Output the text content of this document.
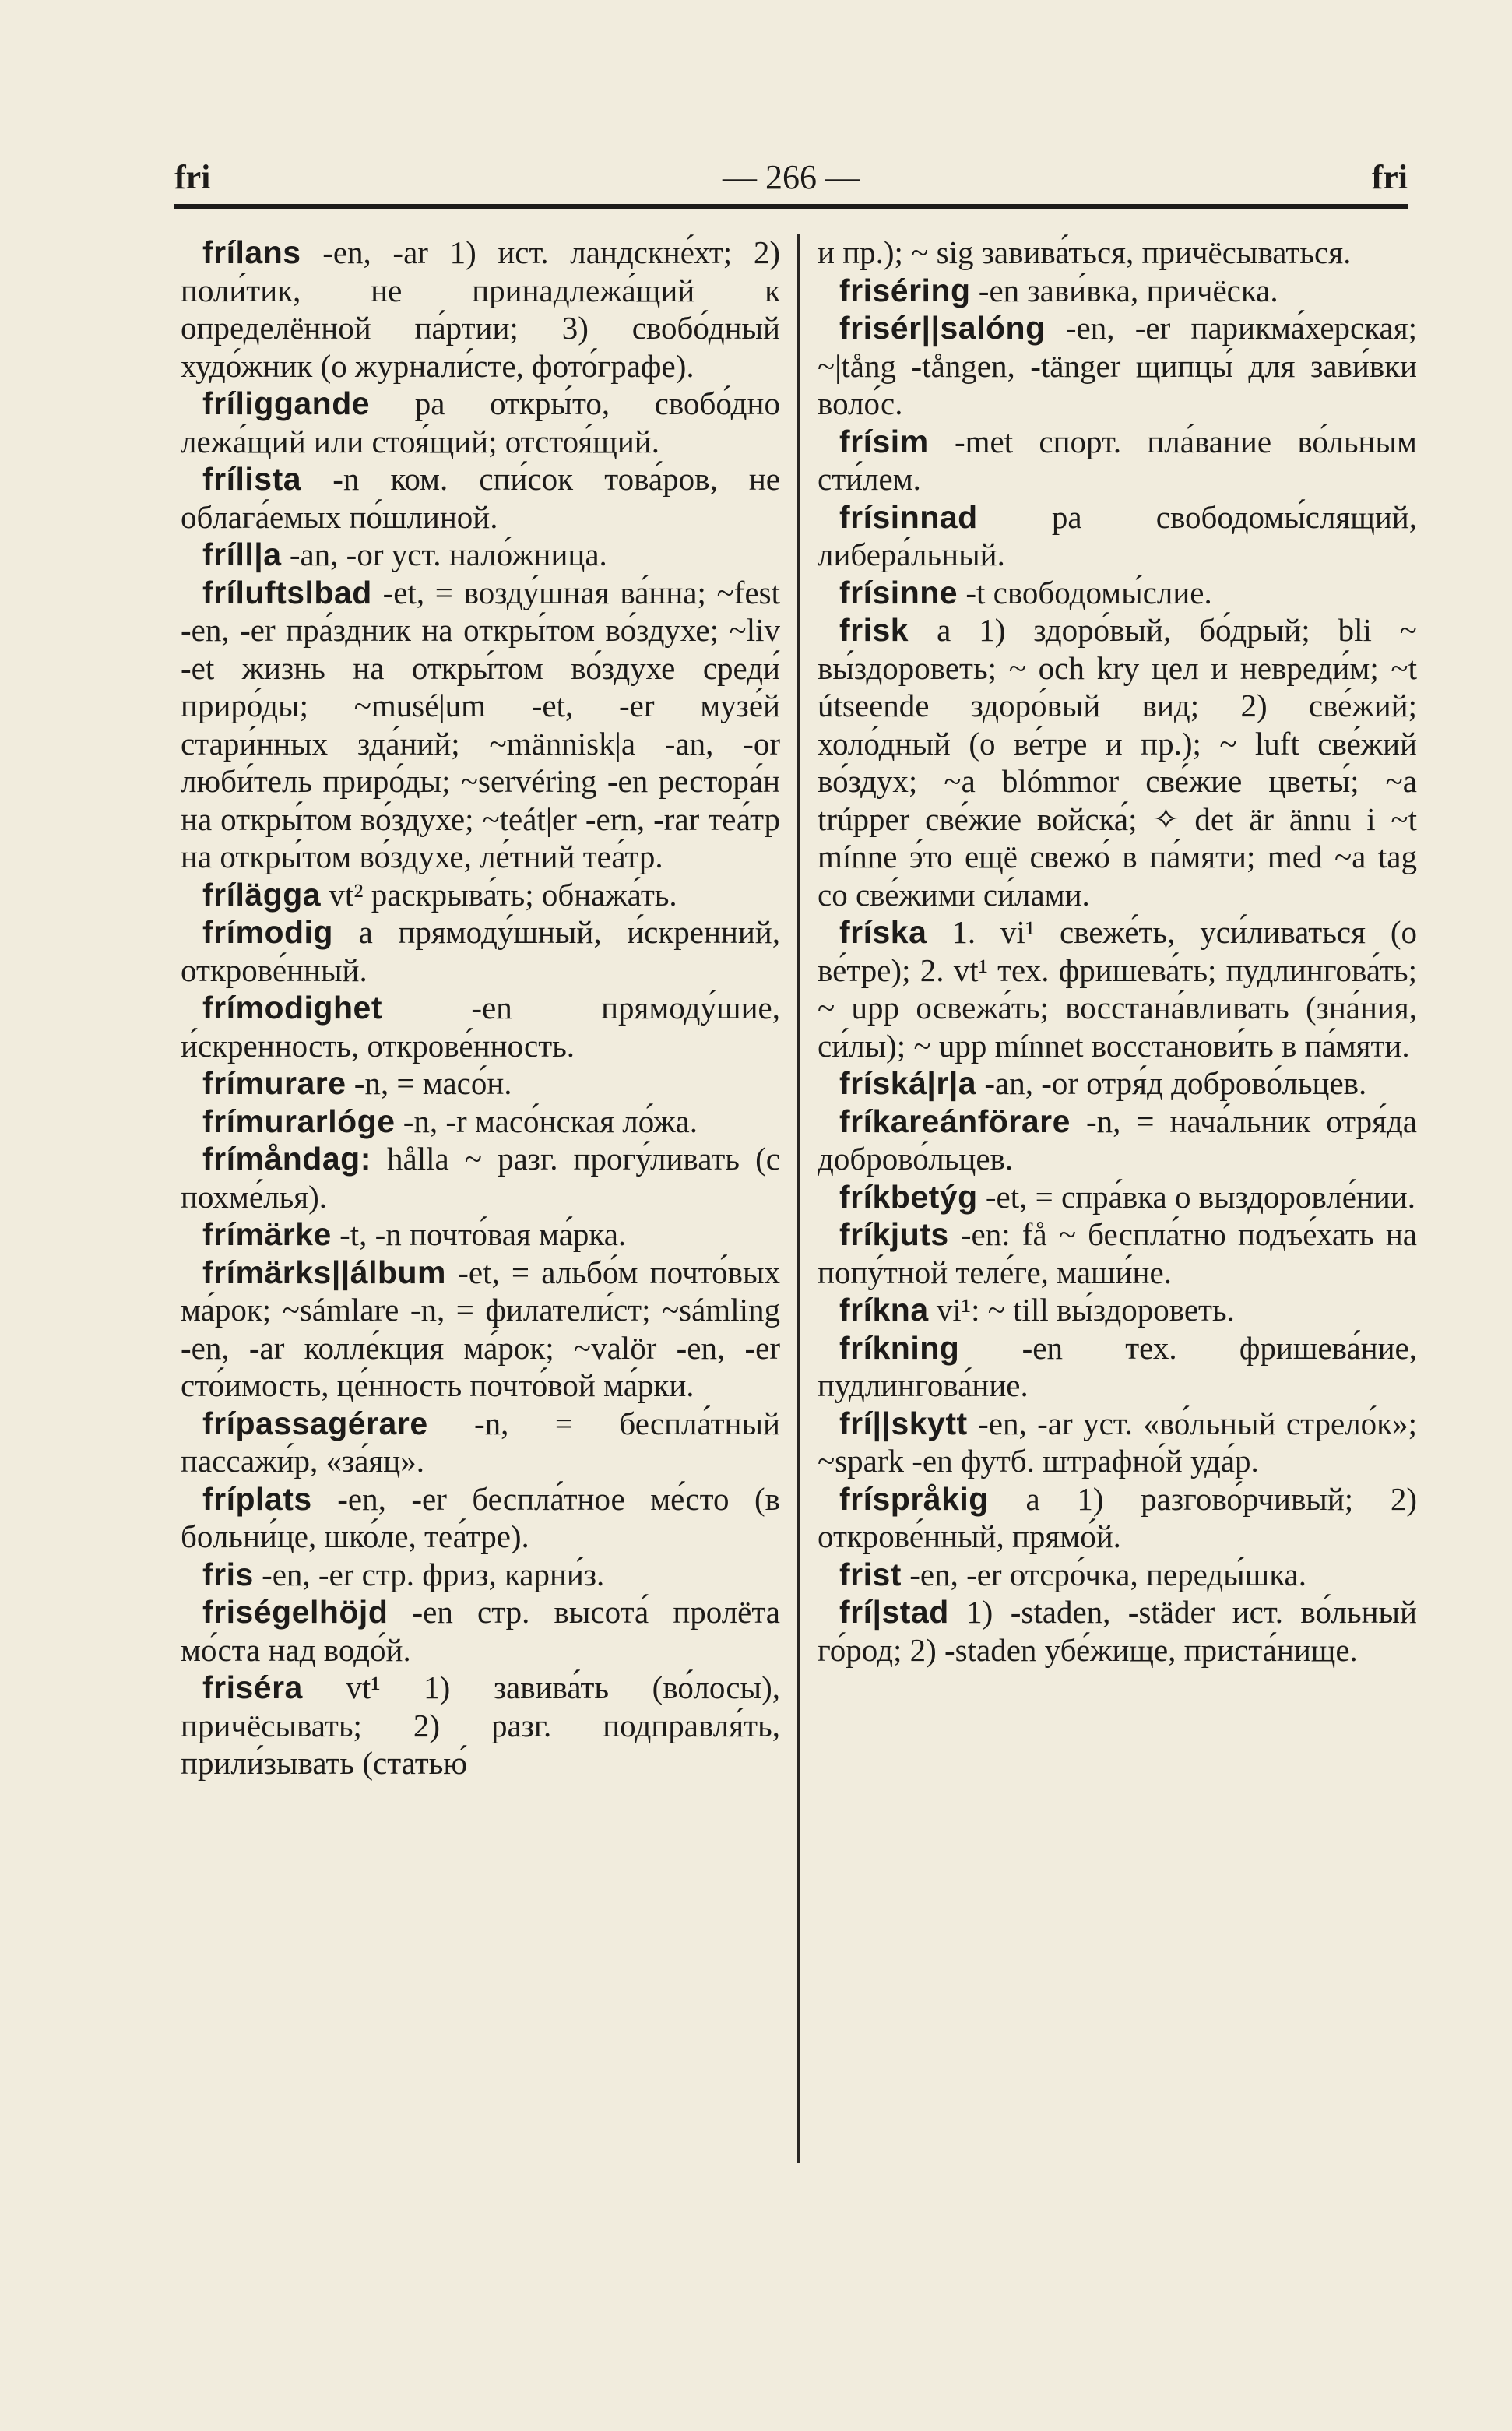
fri	— 266 —	fri

frílans -en, -ar 1) ист. ландскне́хт; 2) поли́тик, не принадлежа́щий к определённой па́ртии; 3) свобо́дный худо́жник (о журнали́сте, фото́графе).

fríliggande pa откры́то, свобо́дно лежа́щий или стоя́щий; отстоя́щий.

frílista -n ком. спи́сок това́ров, не облага́емых по́шлиной.

fríll|a -an, -or уст. нало́жница.

fríluftslbad -et, = возду́шная ва́нна; ~fest -en, -er пра́здник на откры́том во́здухе; ~liv -et жизнь на откры́том во́здухе среди́ приро́ды; ~musé|um -et, -er музе́й стари́нных зда́ний; ~människ|a -an, -or люби́тель приро́ды; ~servéring -en рестора́н на откры́том во́здухе; ~teát|er -ern, -rar теа́тр на откры́том во́здухе, ле́тний теа́тр.

frílägga vt² раскрыва́ть; обнажа́ть.

frímodig a прямоду́шный, и́скренний, открове́нный.

frímodighet -en прямоду́шие, и́скренность, открове́нность.

frímurare -n, = масо́н.

frímurarlóge -n, -r масо́нская ло́жа.

frímåndag: hålla ~ разг. прогу́ливать (с похме́лья).

frímärke -t, -n почто́вая ма́рка.

frímärks||álbum -et, = альбо́м почто́вых ма́рок; ~sámlare -n, = филатели́ст; ~sámling -en, -ar колле́кция ма́рок; ~valör -en, -er сто́имость, це́нность почто́вой ма́рки.

frípassagérare -n, = беспла́тный пассажи́р, «за́яц».

fríplats -en, -er беспла́тное ме́сто (в больни́це, шко́ле, теа́тре).

fris -en, -er стр. фриз, карни́з.

friségelhöjd -en стр. высота́ пролёта мо́ста над водо́й.

friséra vt¹ 1) завива́ть (во́лосы), причёсывать; 2) разг. подправля́ть, прили́зывать (статью́

и пр.); ~ sig завива́ться, причёсываться.

friséring -en зави́вка, причёска.

frisér||salóng -en, -er парикма́херская; ~|tång -tången, -tänger щипцы́ для зави́вки воло́с.

frísim -met спорт. пла́вание во́льным сти́лем.

frísinnad pa свободомы́слящий, либера́льный.

frísinne -t свободомы́слие.

frisk a 1) здоро́вый, бо́дрый; bli ~ вы́здороветь; ~ och kry цел и невреди́м; ~t útseende здоро́вый вид; 2) све́жий; холо́дный (о ве́тре и пр.); ~ luft све́жий во́здух; ~a blómmor све́жие цветы́; ~a trúpper све́жие войска́; ✧ det är ännu i ~t mínne э́то ещё свежо́ в па́мяти; med ~a tag со све́жими си́лами.

fríska 1. vi¹ свеже́ть, уси́ливаться (о ве́тре); 2. vt¹ тех. фришева́ть; пудлингова́ть; ~ upp освежа́ть; восстана́вливать (зна́ния, си́лы); ~ upp mínnet восстанови́ть в па́мяти.

fríská|r|a -an, -or отря́д доброво́льцев.

fríkareánförare -n, = нача́льник отря́да доброво́льцев.

fríkbetýg -et, = спра́вка о выздоровле́нии.

fríkjuts -en: få ~ беспла́тно подъе́хать на попу́тной теле́ге, маши́не.

fríkna vi¹: ~ till вы́здороветь.

fríkning -en тех. фришева́ние, пудлингова́ние.

frí||skytt -en, -ar уст. «во́льный стрело́к»; ~spark -en футб. штрафно́й уда́р.

fríspråkig a 1) разгово́рчивый; 2) открове́нный, прямо́й.

frist -en, -er отсро́чка, переды́шка.

frí|stad 1) -staden, -städer ист. во́льный го́род; 2) -staden убе́жище, приста́нище.
